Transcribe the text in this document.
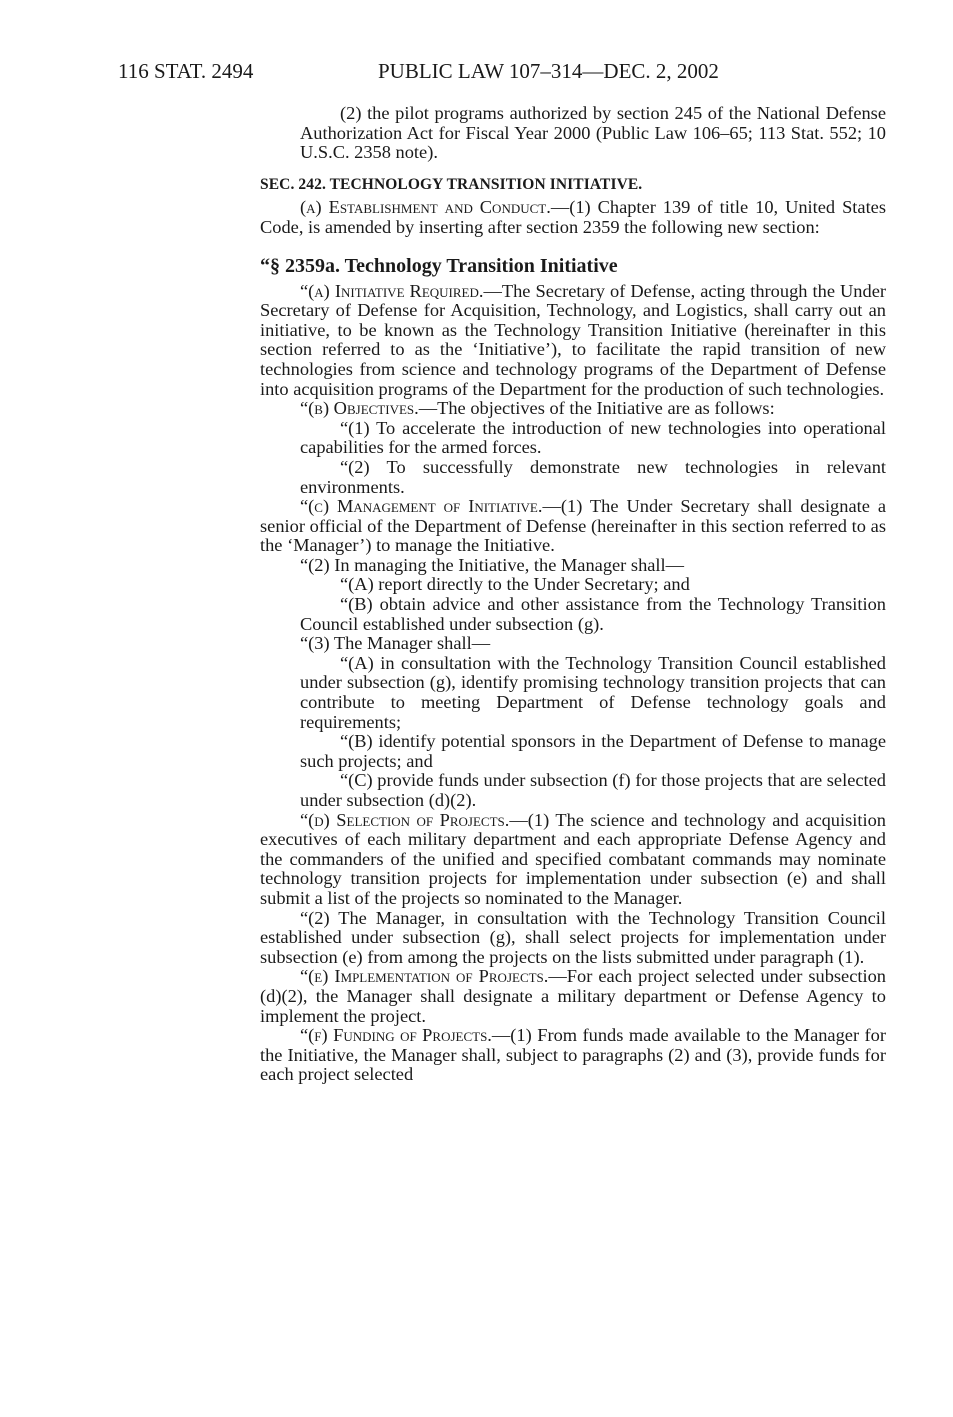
116 STAT. 2494	PUBLIC LAW 107–314—DEC. 2, 2002

(2) the pilot programs authorized by section 245 of the National Defense Authorization Act for Fiscal Year 2000 (Public Law 106–65; 113 Stat. 552; 10 U.S.C. 2358 note).

SEC. 242. TECHNOLOGY TRANSITION INITIATIVE.

(a) Establishment and Conduct.—(1) Chapter 139 of title 10, United States Code, is amended by inserting after section 2359 the following new section:

“§ 2359a. Technology Transition Initiative

“(a) Initiative Required.—The Secretary of Defense, acting through the Under Secretary of Defense for Acquisition, Technology, and Logistics, shall carry out an initiative, to be known as the Technology Transition Initiative (hereinafter in this section referred to as the ‘Initiative’), to facilitate the rapid transition of new technologies from science and technology programs of the Department of Defense into acquisition programs of the Department for the production of such technologies.

“(b) Objectives.—The objectives of the Initiative are as follows:

“(1) To accelerate the introduction of new technologies into operational capabilities for the armed forces.

“(2) To successfully demonstrate new technologies in relevant environments.

“(c) Management of Initiative.—(1) The Under Secretary shall designate a senior official of the Department of Defense (hereinafter in this section referred to as the ‘Manager’) to manage the Initiative.

“(2) In managing the Initiative, the Manager shall—

“(A) report directly to the Under Secretary; and

“(B) obtain advice and other assistance from the Technology Transition Council established under subsection (g).

“(3) The Manager shall—

“(A) in consultation with the Technology Transition Council established under subsection (g), identify promising technology transition projects that can contribute to meeting Department of Defense technology goals and requirements;

“(B) identify potential sponsors in the Department of Defense to manage such projects; and

“(C) provide funds under subsection (f) for those projects that are selected under subsection (d)(2).

“(d) Selection of Projects.—(1) The science and technology and acquisition executives of each military department and each appropriate Defense Agency and the commanders of the unified and specified combatant commands may nominate technology transition projects for implementation under subsection (e) and shall submit a list of the projects so nominated to the Manager.

“(2) The Manager, in consultation with the Technology Transition Council established under subsection (g), shall select projects for implementation under subsection (e) from among the projects on the lists submitted under paragraph (1).

“(e) Implementation of Projects.—For each project selected under subsection (d)(2), the Manager shall designate a military department or Defense Agency to implement the project.

“(f) Funding of Projects.—(1) From funds made available to the Manager for the Initiative, the Manager shall, subject to paragraphs (2) and (3), provide funds for each project selected
